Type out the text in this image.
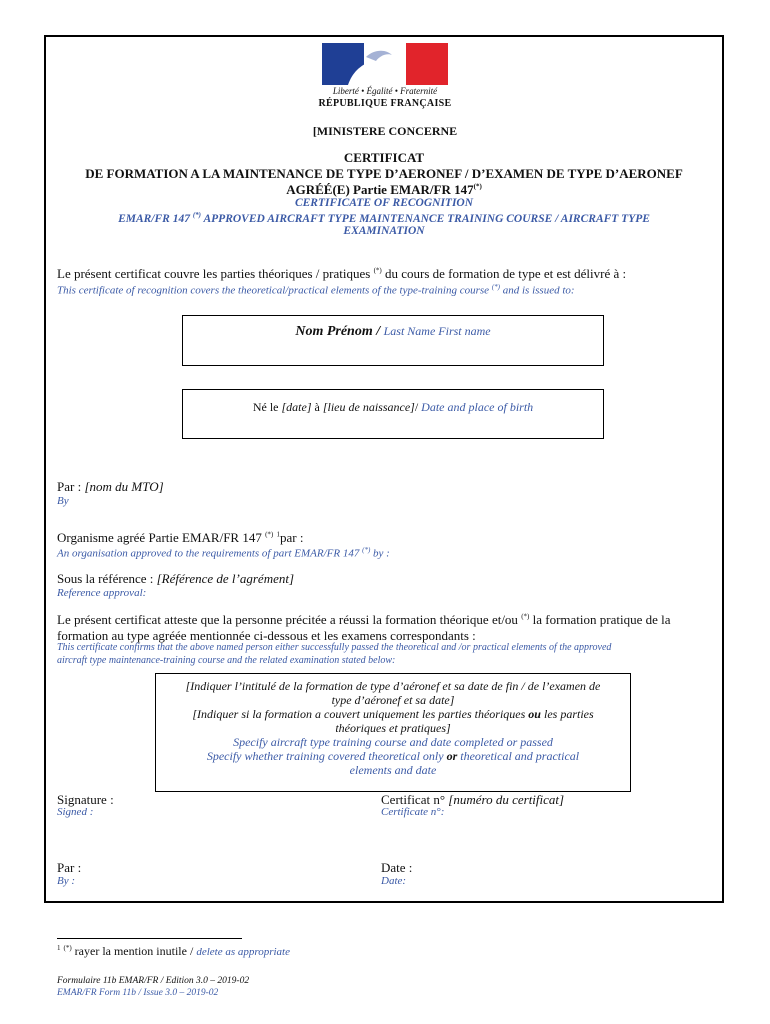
Liberté • Égalité • Fraternité
RÉPUBLIQUE FRANÇAISE
[MINISTERE CONCERNE
CERTIFICAT
DE FORMATION A LA MAINTENANCE DE TYPE D’AERONEF / D’EXAMEN DE TYPE D’AERONEF
AGRÉÉ(E) Partie EMAR/FR 147(*)
CERTIFICATE OF RECOGNITION
EMAR/FR 147 (*) APPROVED AIRCRAFT TYPE MAINTENANCE TRAINING COURSE / AIRCRAFT TYPE
EXAMINATION
Le présent certificat couvre les parties théoriques / pratiques (*) du cours de formation de type et est délivré à :
This certificate of recognition covers the theoretical/practical elements of the type-training course (*) and is issued to:
Nom Prénom / Last Name First name
Né le [date] à [lieu de naissance]/ Date and place of birth
Par : [nom du MTO]
By
Organisme agréé Partie EMAR/FR 147 (*) $^1$par :
An organisation approved to the requirements of part EMAR/FR 147 (*) by :
Sous la référence : [Référence de l’agrément]
Reference approval:
Le présent certificat atteste que la personne précitée a réussi la formation théorique et/ou (*) la formation pratique de la
formation au type agréée mentionnée ci-dessous et les examens correspondants :
This certificate confirms that the above named person either successfully passed the theoretical and /or practical elements of the approved
aircraft type maintenance-training course and the related examination stated below:
[Indiquer l’intitulé de la formation de type d’aéronef et sa date de fin / de l’examen de
type d’aéronef et sa date]
[Indiquer si la formation a couvert uniquement les parties théoriques ou les parties
théoriques et pratiques]
Specify aircraft type training course and date completed or passed
Specify whether training covered theoretical only or theoretical and practical
elements and date
Signature :
Signed :
Certificat n° [numéro du certificat]
Certificate n°:
Par :
By :
Date :
Date:
$^1$ (*) rayer la mention inutile / delete as appropriate
Formulaire 11b EMAR/FR / Edition 3.0 – 2019-02
EMAR/FR Form 11b / Issue 3.0 – 2019-02
